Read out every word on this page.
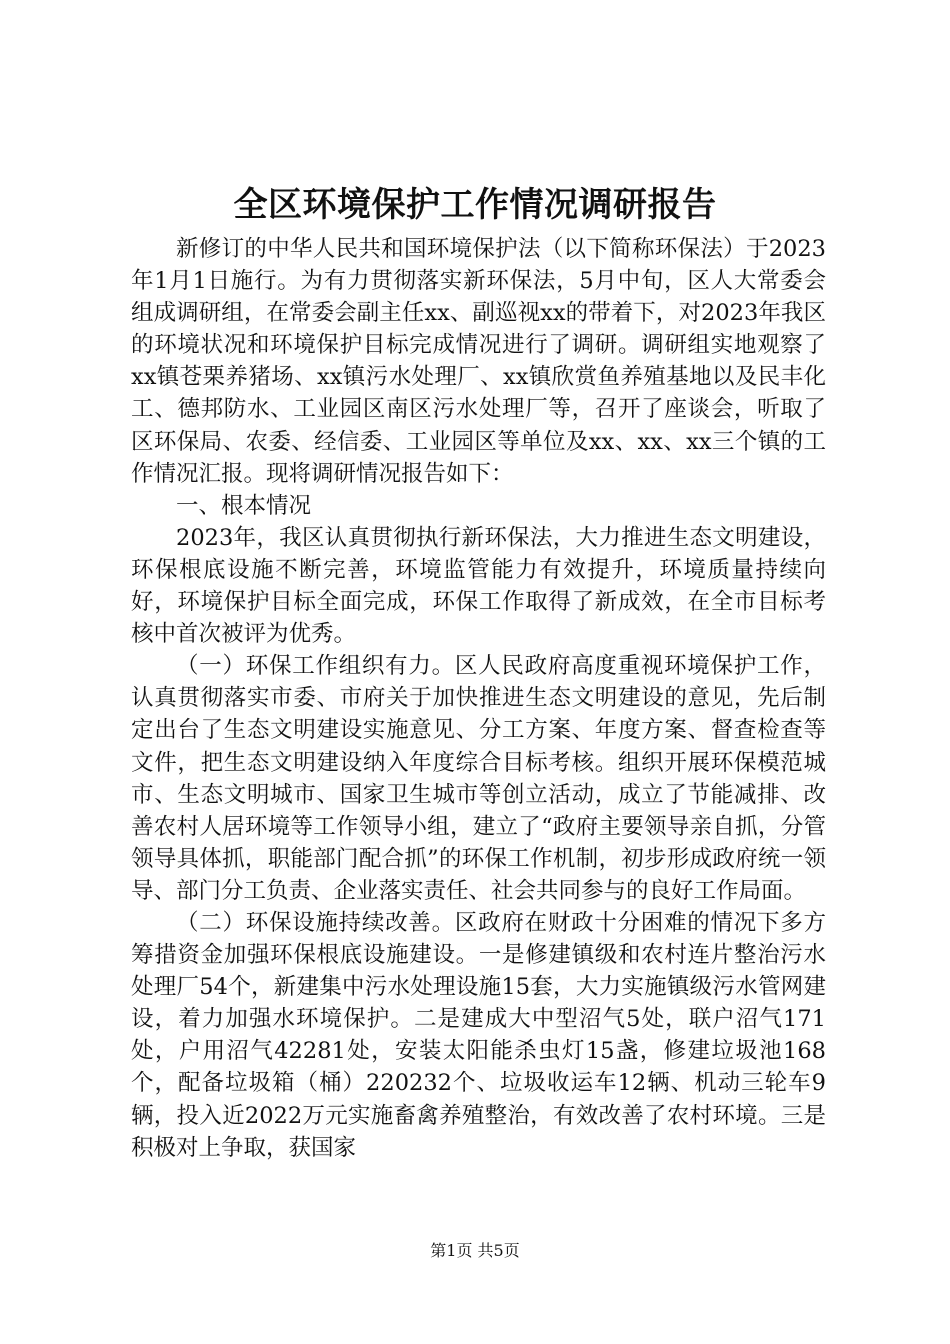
全区环境保护工作情况调研报告

新修订的中华人民共和国环境保护法（以下简称环保法）于2023年1月1日施行。为有力贯彻落实新环保法，5月中旬，区人大常委会组成调研组，在常委会副主任xx、副巡视xx的带着下，对2023年我区的环境状况和环境保护目标完成情况进行了调研。调研组实地观察了xx镇苍栗养猪场、xx镇污水处理厂、xx镇欣赏鱼养殖基地以及民丰化工、德邦防水、工业园区南区污水处理厂等，召开了座谈会，听取了区环保局、农委、经信委、工业园区等单位及xx、xx、xx三个镇的工作情况汇报。现将调研情况报告如下：

一、根本情况

2023年，我区认真贯彻执行新环保法，大力推进生态文明建设，环保根底设施不断完善，环境监管能力有效提升，环境质量持续向好，环境保护目标全面完成，环保工作取得了新成效，在全市目标考核中首次被评为优秀。

（一）环保工作组织有力。区人民政府高度重视环境保护工作，认真贯彻落实市委、市府关于加快推进生态文明建设的意见，先后制定出台了生态文明建设实施意见、分工方案、年度方案、督查检查等文件，把生态文明建设纳入年度综合目标考核。组织开展环保模范城市、生态文明城市、国家卫生城市等创立活动，成立了节能减排、改善农村人居环境等工作领导小组，建立了“政府主要领导亲自抓，分管领导具体抓，职能部门配合抓”的环保工作机制，初步形成政府统一领导、部门分工负责、企业落实责任、社会共同参与的良好工作局面。

（二）环保设施持续改善。区政府在财政十分困难的情况下多方筹措资金加强环保根底设施建设。一是修建镇级和农村连片整治污水处理厂54个，新建集中污水处理设施15套，大力实施镇级污水管网建设，着力加强水环境保护。二是建成大中型沼气5处，联户沼气171处，户用沼气42281处，安装太阳能杀虫灯15盏，修建垃圾池168个，配备垃圾箱（桶）220232个、垃圾收运车12辆、机动三轮车9辆，投入近2022万元实施畜禽养殖整治，有效改善了农村环境。三是积极对上争取，获国家

第1页 共5页
